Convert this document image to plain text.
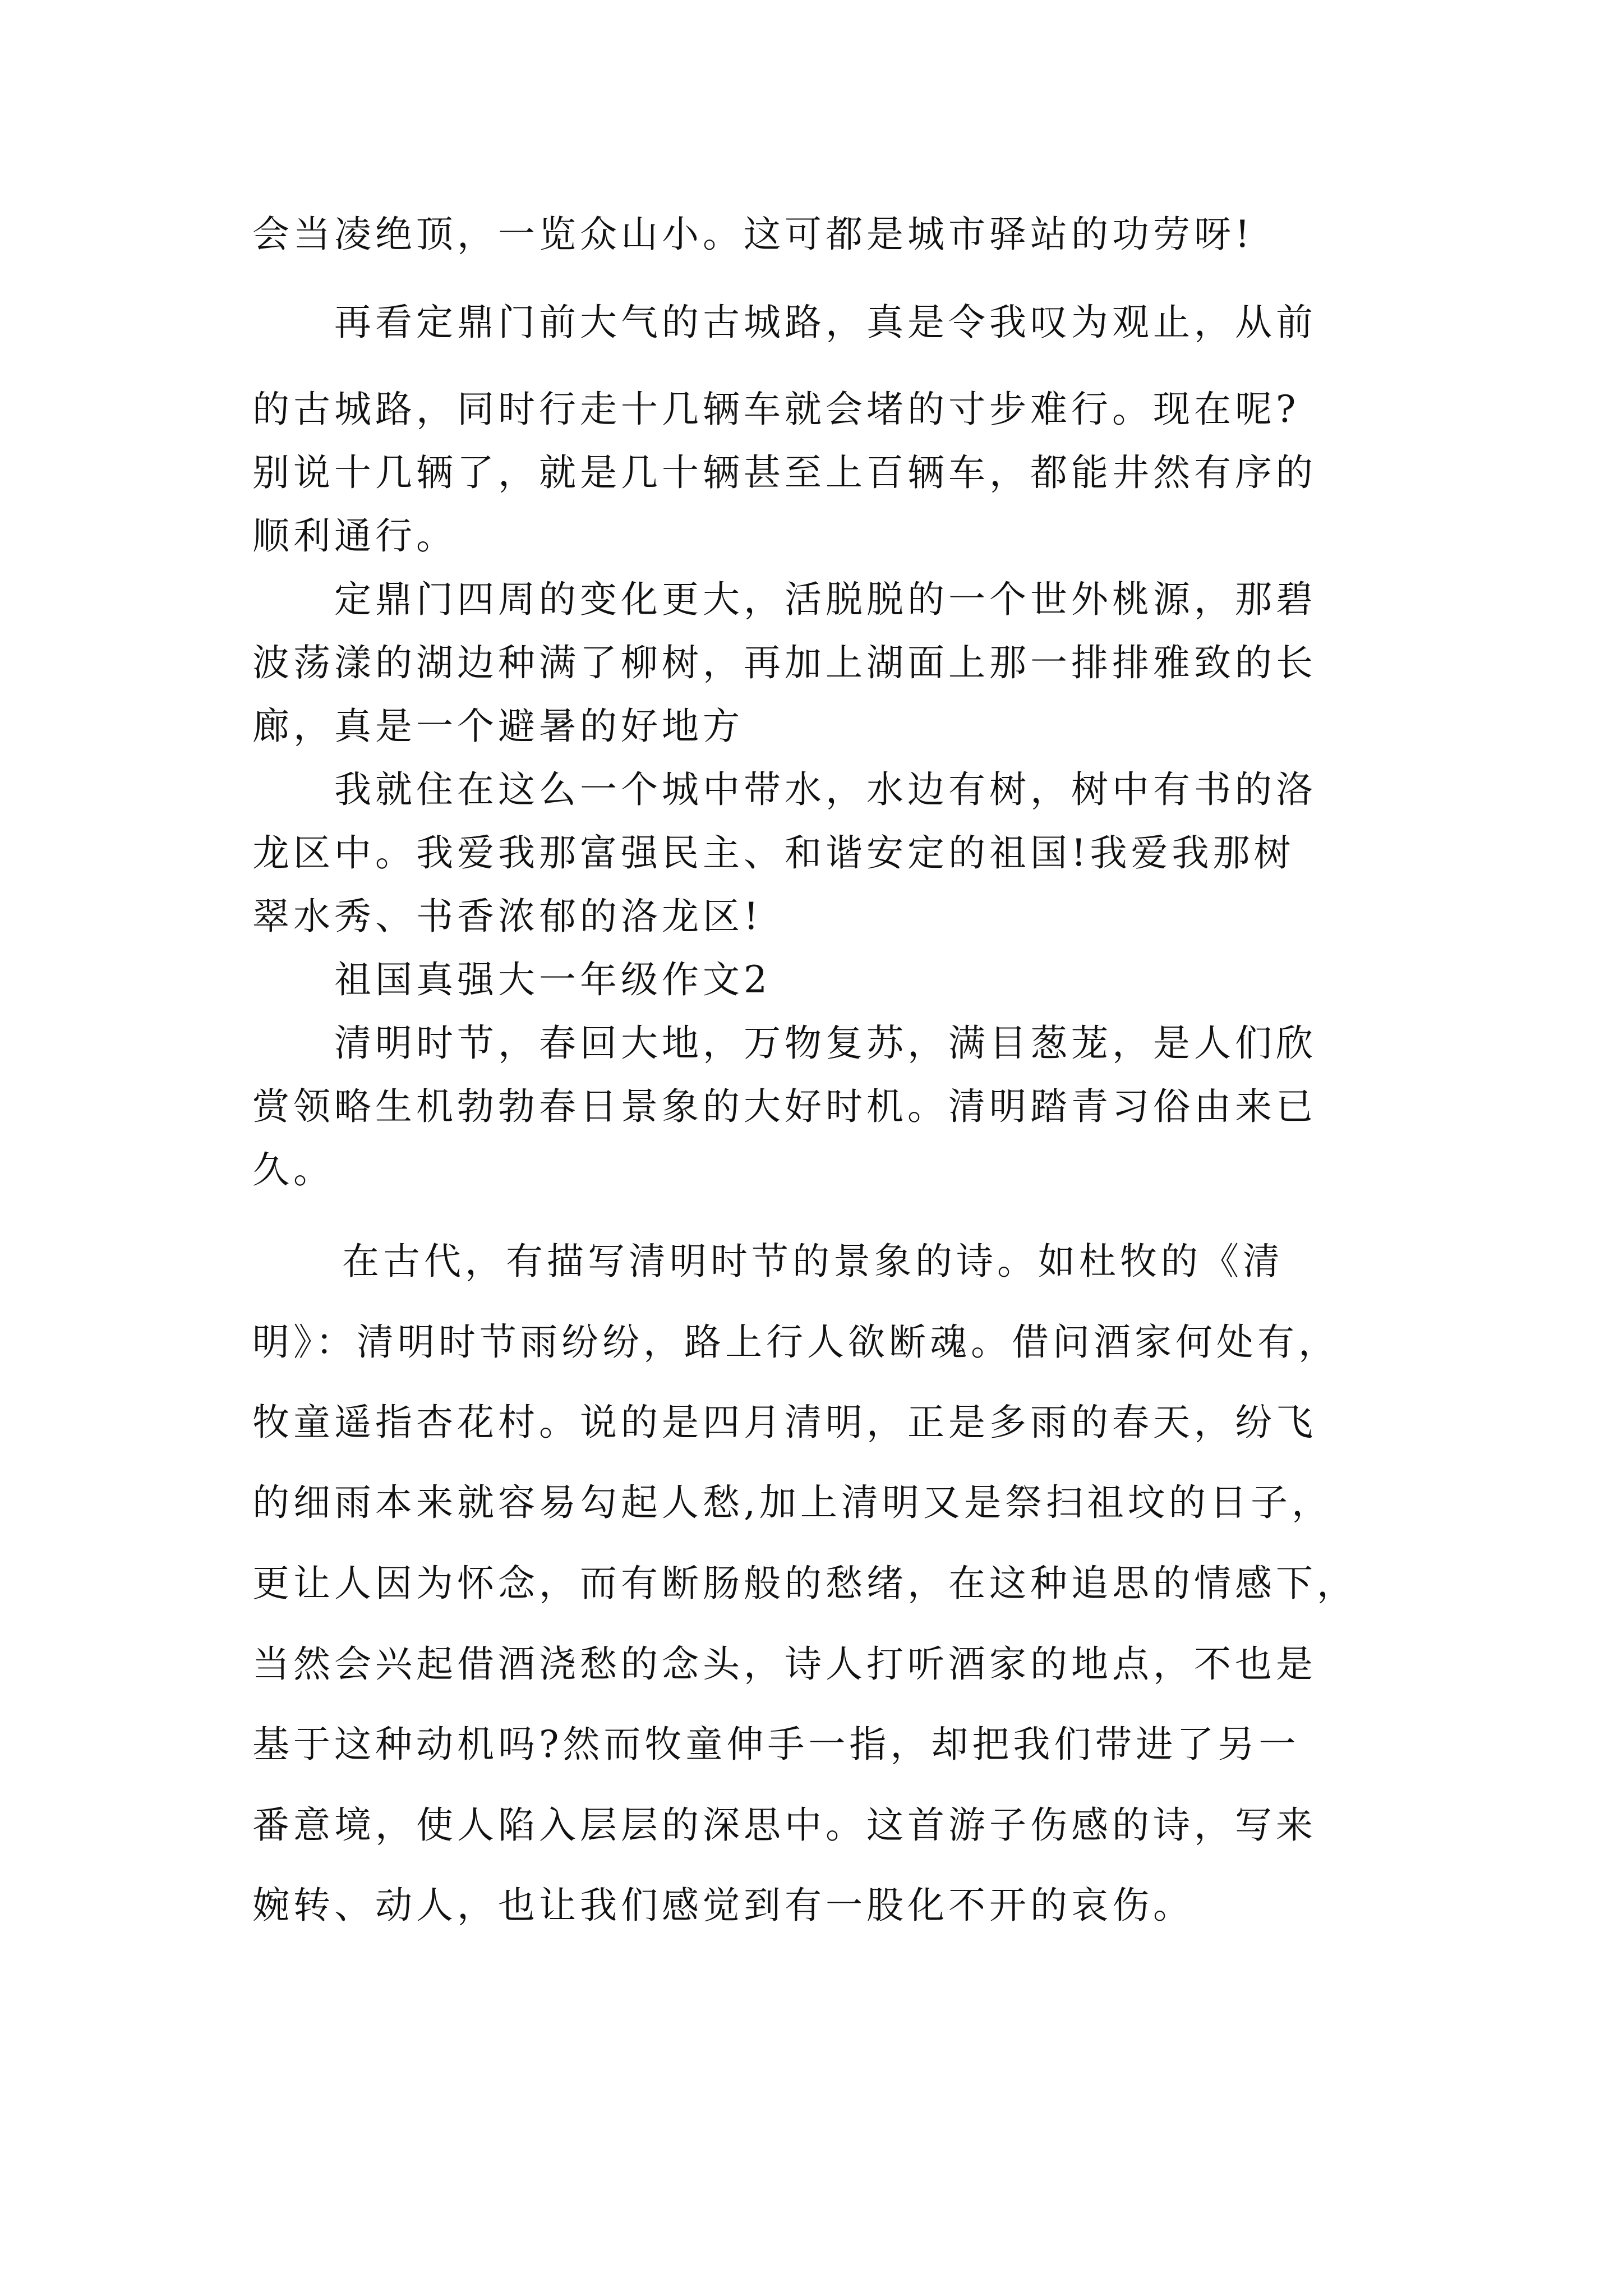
会当凌绝顶，一览众山小。这可都是城市驿站的功劳呀!
再看定鼎门前大气的古城路，真是令我叹为观止，从前
的古城路，同时行走十几辆车就会堵的寸步难行。现在呢?
别说十几辆了，就是几十辆甚至上百辆车，都能井然有序的
顺利通行。
定鼎门四周的变化更大，活脱脱的一个世外桃源，那碧
波荡漾的湖边种满了柳树，再加上湖面上那一排排雅致的长
廊，真是一个避暑的好地方
我就住在这么一个城中带水，水边有树，树中有书的洛
龙区中。我爱我那富强民主、和谐安定的祖国!我爱我那树
翠水秀、书香浓郁的洛龙区!
祖国真强大一年级作文2
清明时节，春回大地，万物复苏，满目葱茏，是人们欣
赏领略生机勃勃春日景象的大好时机。清明踏青习俗由来已
久。
在古代，有描写清明时节的景象的诗。如杜牧的《清
明》：清明时节雨纷纷，路上行人欲断魂。借问酒家何处有，
牧童遥指杏花村。说的是四月清明，正是多雨的春天，纷飞
的细雨本来就容易勾起人愁,加上清明又是祭扫祖坟的日子，
更让人因为怀念，而有断肠般的愁绪，在这种追思的情感下，
当然会兴起借酒浇愁的念头，诗人打听酒家的地点，不也是
基于这种动机吗?然而牧童伸手一指，却把我们带进了另一
番意境，使人陷入层层的深思中。这首游子伤感的诗，写来
婉转、动人，也让我们感觉到有一股化不开的哀伤。
